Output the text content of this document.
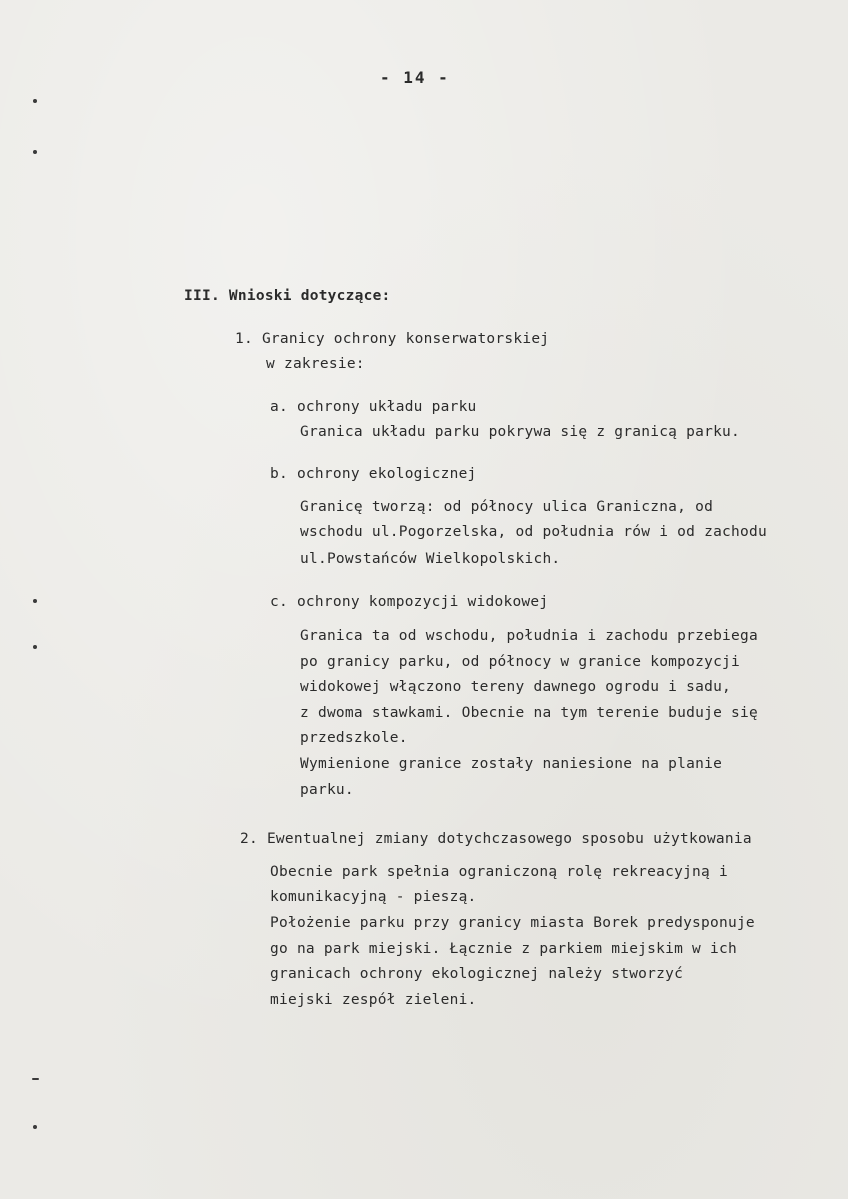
- 14 -
III. Wnioski dotyczące:
1. Granicy ochrony konserwatorskiej
w zakresie:
a. ochrony układu parku
Granica układu parku pokrywa się z granicą parku.
b. ochrony ekologicznej
Granicę tworzą: od północy ulica Graniczna, od
wschodu ul.Pogorzelska, od południa rów i od zachodu
ul.Powstańców Wielkopolskich.
c. ochrony kompozycji widokowej
Granica ta od wschodu, południa i zachodu przebiega
po granicy parku, od północy w granice kompozycji
widokowej włączono tereny dawnego ogrodu i sadu,
z dwoma stawkami. Obecnie na tym terenie buduje się
przedszkole.
Wymienione granice zostały naniesione na planie
parku.
2. Ewentualnej zmiany dotychczasowego sposobu użytkowania
Obecnie park spełnia ograniczoną rolę rekreacyjną i
komunikacyjną - pieszą.
Położenie parku przy granicy miasta Borek predysponuje
go na park miejski. Łącznie z parkiem miejskim w ich
granicach ochrony ekologicznej należy stworzyć
miejski zespół zieleni.
